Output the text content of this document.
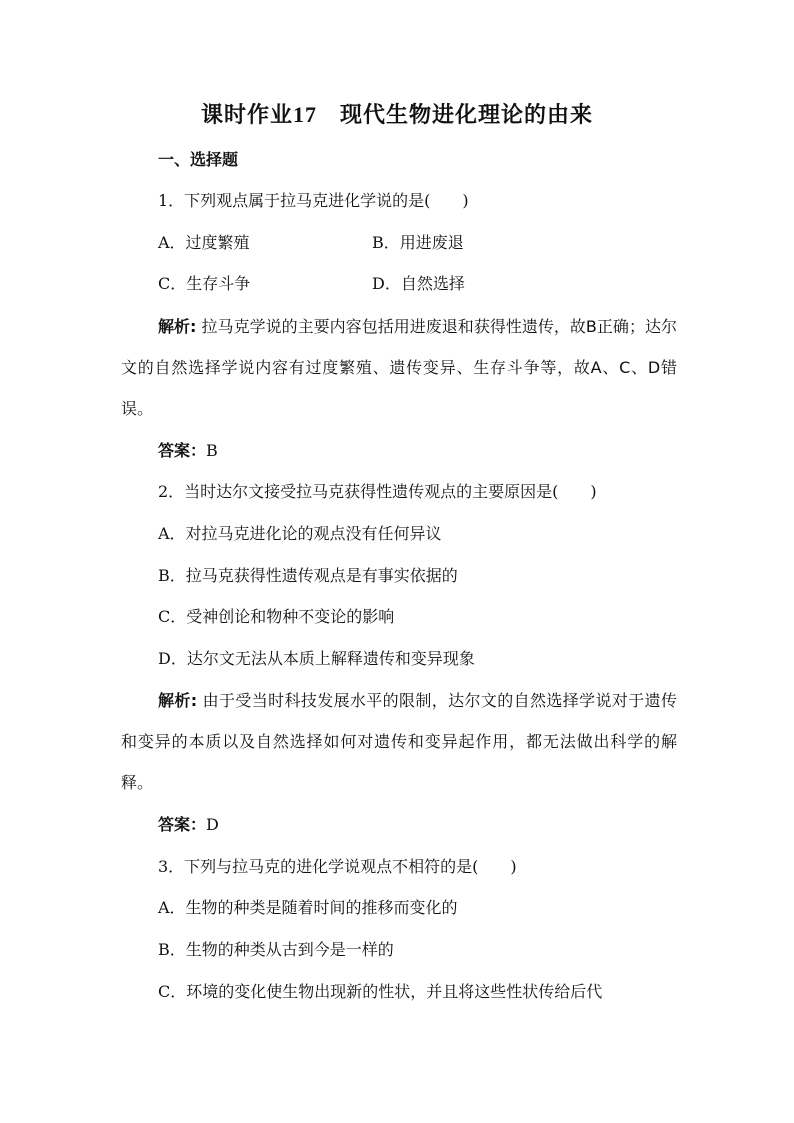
课时作业17　 现代生物进化理论的由来
一、选择题
1．下列观点属于拉马克进化学说的是(　　)
A．过度繁殖	B．用进废退
C．生存斗争	D．自然选择
解析: 拉马克学说的主要内容包括用进废退和获得性遗传，故B正确；达尔文的自然选择学说内容有过度繁殖、遗传变异、生存斗争等，故A、C、D错误。
答案：B
2．当时达尔文接受拉马克获得性遗传观点的主要原因是(　　)
A．对拉马克进化论的观点没有任何异议
B．拉马克获得性遗传观点是有事实依据的
C．受神创论和物种不变论的影响
D．达尔文无法从本质上解释遗传和变异现象
解析: 由于受当时科技发展水平的限制，达尔文的自然选择学说对于遗传和变异的本质以及自然选择如何对遗传和变异起作用，都无法做出科学的解释。
答案：D
3．下列与拉马克的进化学说观点不相符的是(　　)
A．生物的种类是随着时间的推移而变化的
B．生物的种类从古到今是一样的
C．环境的变化使生物出现新的性状，并且将这些性状传给后代
